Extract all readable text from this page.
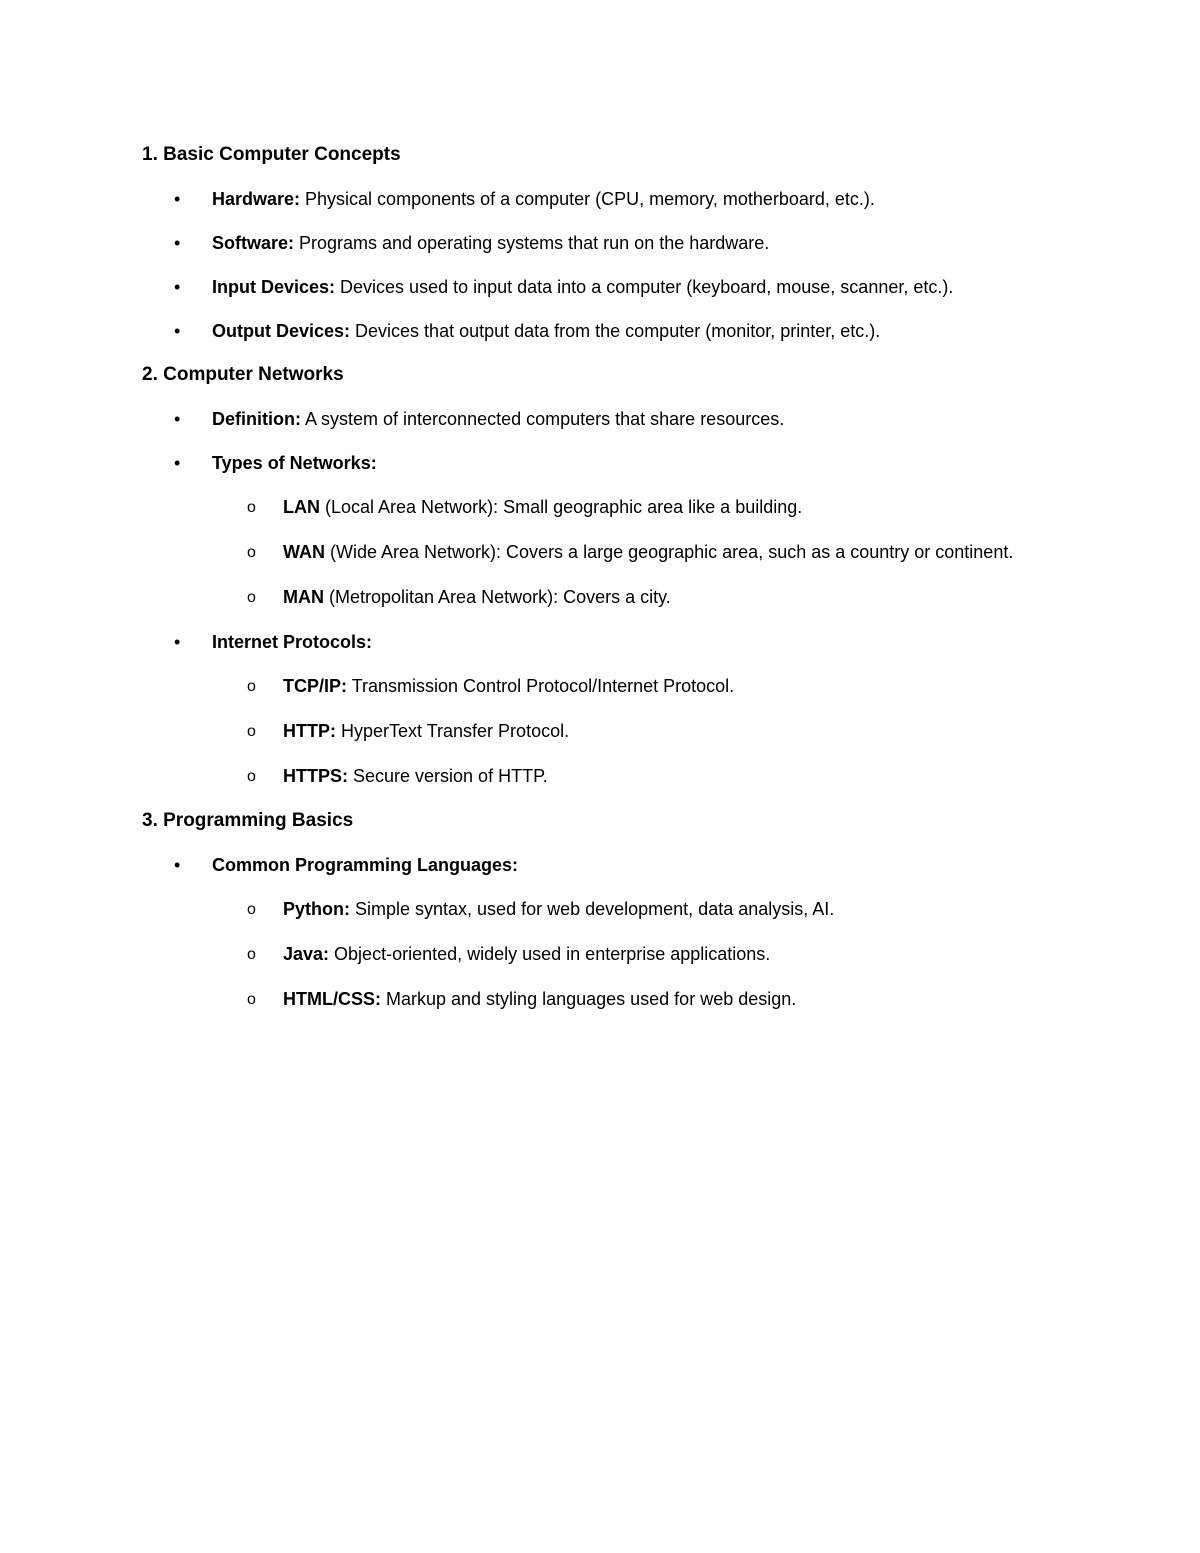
1. Basic Computer Concepts
• Hardware: Physical components of a computer (CPU, memory, motherboard, etc.).
• Software: Programs and operating systems that run on the hardware.
• Input Devices: Devices used to input data into a computer (keyboard, mouse, scanner, etc.).
• Output Devices: Devices that output data from the computer (monitor, printer, etc.).
2. Computer Networks
• Definition: A system of interconnected computers that share resources.
• Types of Networks:
o LAN (Local Area Network): Small geographic area like a building.
o WAN (Wide Area Network): Covers a large geographic area, such as a country or continent.
o MAN (Metropolitan Area Network): Covers a city.
• Internet Protocols:
o TCP/IP: Transmission Control Protocol/Internet Protocol.
o HTTP: HyperText Transfer Protocol.
o HTTPS: Secure version of HTTP.
3. Programming Basics
• Common Programming Languages:
o Python: Simple syntax, used for web development, data analysis, AI.
o Java: Object-oriented, widely used in enterprise applications.
o HTML/CSS: Markup and styling languages used for web design.
